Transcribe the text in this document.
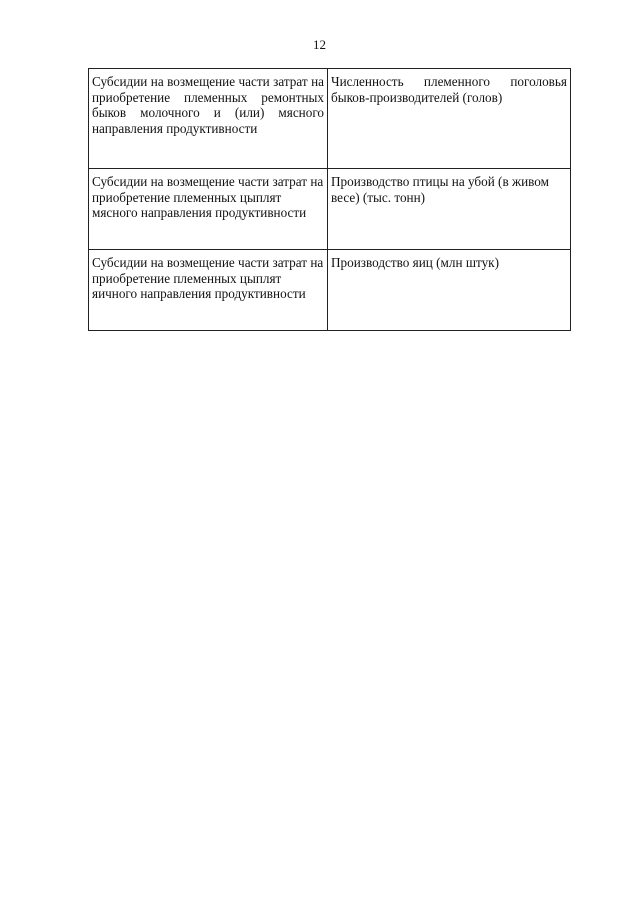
12
Субсидии на возмещение части затрат на приобретение племенных ремонтных быков молочного и (или) мясного направления продуктивности	Численность племенного поголовья быков-производителей (голов)
Субсидии на возмещение части затрат на приобретение племенных цыплят мясного направления продуктивности	Производство птицы на убой (в живом весе) (тыс. тонн)
Субсидии на возмещение части затрат на приобретение племенных цыплят яичного направления продуктивности	Производство яиц (млн штук)
